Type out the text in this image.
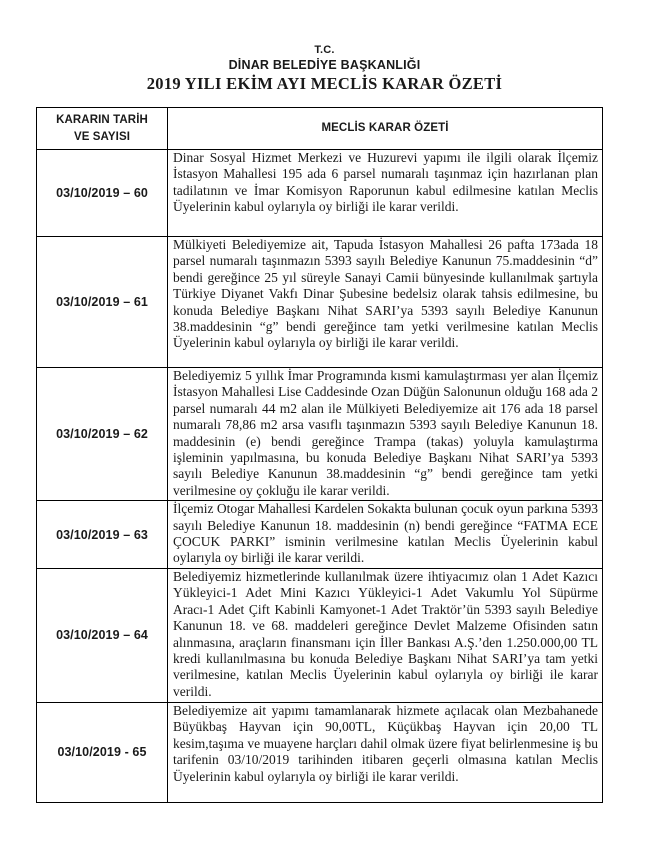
T.C.
DİNAR BELEDİYE BAŞKANLIĞI
2019 YILI EKİM AYI MECLİS KARAR ÖZETİ
KARARIN TARİH
VE SAYISI	MECLİS KARAR ÖZETİ
03/10/2019 – 60	Dinar Sosyal Hizmet Merkezi ve Huzurevi yapımı ile ilgili olarak İlçemiz İstasyon Mahallesi 195 ada 6 parsel numaralı taşınmaz için hazırlanan plan tadilatının ve İmar Komisyon Raporunun kabul edilmesine katılan Meclis Üyelerinin kabul oylarıyla oy birliği ile karar verildi.
03/10/2019 – 61	Mülkiyeti Belediyemize ait, Tapuda İstasyon Mahallesi 26 pafta 173ada 18 parsel numaralı taşınmazın 5393 sayılı Belediye Kanunun 75.maddesinin “d” bendi gereğince 25 yıl süreyle Sanayi Camii bünyesinde kullanılmak şartıyla Türkiye Diyanet Vakfı Dinar Şubesine bedelsiz olarak tahsis edilmesine, bu konuda Belediye Başkanı Nihat SARI’ya 5393 sayılı Belediye Kanunun 38.maddesinin “g” bendi gereğince tam yetki verilmesine katılan Meclis Üyelerinin kabul oylarıyla oy birliği ile karar verildi.
03/10/2019 – 62	Belediyemiz 5 yıllık İmar Programında kısmi kamulaştırması yer alan İlçemiz İstasyon Mahallesi Lise Caddesinde Ozan Düğün Salonunun olduğu 168 ada 2 parsel numaralı 44 m2 alan ile Mülkiyeti Belediyemize ait 176 ada 18 parsel numaralı 78,86 m2 arsa vasıflı taşınmazın 5393 sayılı Belediye Kanunun 18. maddesinin (e) bendi gereğince Trampa (takas) yoluyla kamulaştırma işleminin yapılmasına, bu konuda Belediye Başkanı Nihat SARI’ya 5393 sayılı Belediye Kanunun 38.maddesinin “g” bendi gereğince tam yetki verilmesine oy çokluğu ile karar verildi.
03/10/2019 – 63	İlçemiz Otogar Mahallesi Kardelen Sokakta bulunan çocuk oyun parkına 5393 sayılı Belediye Kanunun 18. maddesinin (n) bendi gereğince “FATMA ECE ÇOCUK PARKI” isminin verilmesine katılan Meclis Üyelerinin kabul oylarıyla oy birliği ile karar verildi.
03/10/2019 – 64	Belediyemiz hizmetlerinde kullanılmak üzere ihtiyacımız olan 1 Adet Kazıcı Yükleyici-1 Adet Mini Kazıcı Yükleyici-1 Adet Vakumlu Yol Süpürme Aracı-1 Adet Çift Kabinli Kamyonet-1 Adet Traktör’ün 5393 sayılı Belediye Kanunun 18. ve 68. maddeleri gereğince Devlet Malzeme Ofisinden satın alınmasına, araçların finansmanı için İller Bankası A.Ş.’den 1.250.000,00 TL kredi kullanılmasına bu konuda Belediye Başkanı Nihat SARI’ya tam yetki verilmesine, katılan Meclis Üyelerinin kabul oylarıyla oy birliği ile karar verildi.
03/10/2019 - 65	Belediyemize ait yapımı tamamlanarak hizmete açılacak olan Mezbahanede Büyükbaş Hayvan için 90,00TL, Küçükbaş Hayvan için 20,00 TL kesim,taşıma ve muayene harçları dahil olmak üzere fiyat belirlenmesine iş bu tarifenin 03/10/2019 tarihinden itibaren geçerli olmasına katılan Meclis Üyelerinin kabul oylarıyla oy birliği ile karar verildi.
